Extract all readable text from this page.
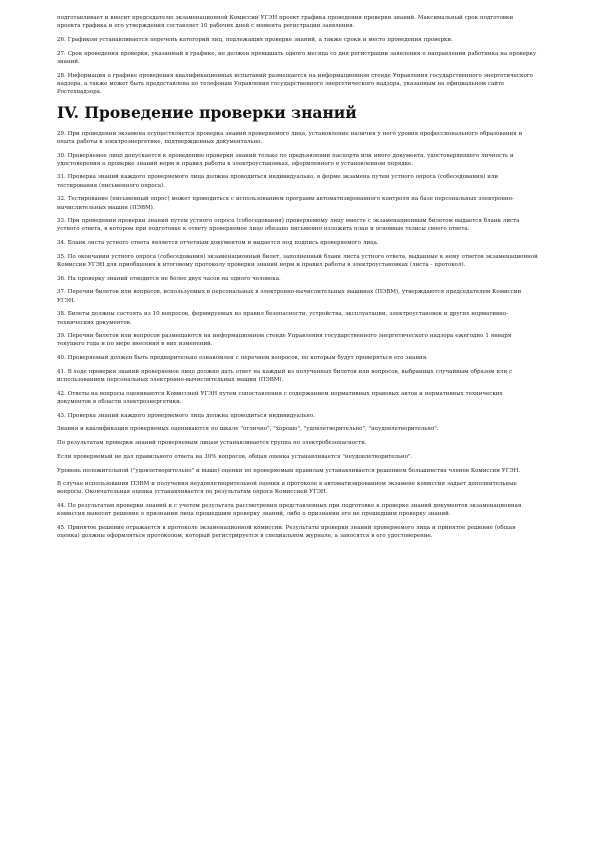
подготавливает и вносит председателю экзаменационной Комиссии УГЭН проект графика проведения проверки знаний. Максимальный срок подготовки проекта графика и его утверждения составляет 10 рабочих дней с момента регистрации заявления.

26. Графиком устанавливается перечень категорий лиц, подлежащих проверке знаний, а также сроки и место проведения проверки.

27. Срок проведения проверки, указанный в графике, не должен превышать одного месяца со дня регистрации заявления о направлении работника на проверку знаний.

28. Информация о графике проведения квалификационных испытаний размещается на информационном стенде Управления государственного энергетического надзора, а также может быть предоставлена по телефонам Управления государственного энергетического надзора, указанным на официальном сайте Ростехнадзора.

IV. Проведение проверки знаний

29. При проведении экзамена осуществляется проверка знаний проверяемого лица, установление наличия у него уровня профессионального образования и опыта работы в электроэнергетике, подтвержденных документально.

30. Проверяемое лицо допускается к проведению проверки знаний только по предъявлении паспорта или иного документа, удостоверяющего личность и удостоверения о проверке знаний норм и правил работы в электроустановках, оформленного в установленном порядке.

31. Проверка знаний каждого проверяемого лица должна проводиться индивидуально, в форме экзамена путем устного опроса (собеседования) или тестирования (письменного опроса).

32. Тестирование (письменный опрос) может проводиться с использованием программ автоматизированного контроля на базе персональных электронно-вычислительных машин (ПЭВМ).

33. При проведении проверки знаний путем устного опроса (собеседования) проверяемому лицу вместе с экзаменационным билетом выдается бланк листа устного ответа, в котором при подготовке к ответу проверяемое лицо обязано письменно изложить план и основные тезисы своего ответа.

34. Бланк листа устного ответа является отчетным документом и выдается под подпись проверяемого лица.

35. По окончании устного опроса (собеседования) экзаменационный билет, заполненный бланк листа устного ответа, выданные к нему ответов экзаменационной Комиссии УГЭН для приобщения к итоговому протоколу проверки знаний норм и правил работы в электроустановках (листа - протокол).

36. На проверку знаний отводится не более двух часов на одного человека.

37. Перечни билетов или вопросов, используемых в персональных в электронно-вычислительных машинах (ПЭВМ), утверждаются председателем Комиссии УГЭН.

38. Билеты должны состоять из 10 вопросов, формируемых из правил безопасности, устройства, эксплуатации, электроустановок и других нормативно-технических документов.

39. Перечни билетов или вопросов размещаются на информационном стенде Управления государственного энергетического надзора ежегодно 1 января текущего года и по мере внесения в них изменений.

40. Проверяемый должен быть предварительно ознакомлен с перечнем вопросов, по которым будут проверяться его знания.

41. В ходе проверки знаний проверяемое лицо должно дать ответ на каждый из полученных билетов или вопросов, выбранных случайным образом или с использованием персональных электронно-вычислительных машин (ПЭВМ).

42. Ответы на вопросы оцениваются Комиссией УГЭН путем сопоставления с содержанием нормативных правовых актов и нормативных технических документов в области электроэнергетики.

43. Проверка знаний каждого проверяемого лица должна проводиться индивидуально.

Знания и квалификация проверяемых оцениваются по шкале "отлично", "хорошо", "удовлетворительно", "неудовлетворительно".

По результатам проверки знаний проверяемым лицам устанавливается группа по электробезопасности.

Если проверяемый не дал правильного ответа на 30% вопросов, общая оценка устанавливается "неудовлетворительно".

Уровень положительной ("удовлетворительно" и выше) оценки по проверяемым правилам устанавливается решением большинства членов Комиссии УГЭН.

В случае использования ПЭВМ и получения неудовлетворительной оценки в протоколе в автоматизированном экзамене комиссия задает дополнительные вопросы. Окончательная оценка устанавливается по результатам опроса Комиссией УГЭН.

44. По результатам проверки знаний и с учетом результата рассмотрения представленных при подготовке к проверке знаний документов экзаменационная комиссия выносит решение о признании лица прошедшим проверку знаний, либо о признании его не прошедшим проверку знаний.

45. Принятое решение отражается в протоколе экзаменационной комиссии. Результаты проверки знаний проверяемого лица и принятое решение (общая оценка) должны оформляться протоколом, который регистрируется в специальном журнале, а заносятся в его удостоверение.
